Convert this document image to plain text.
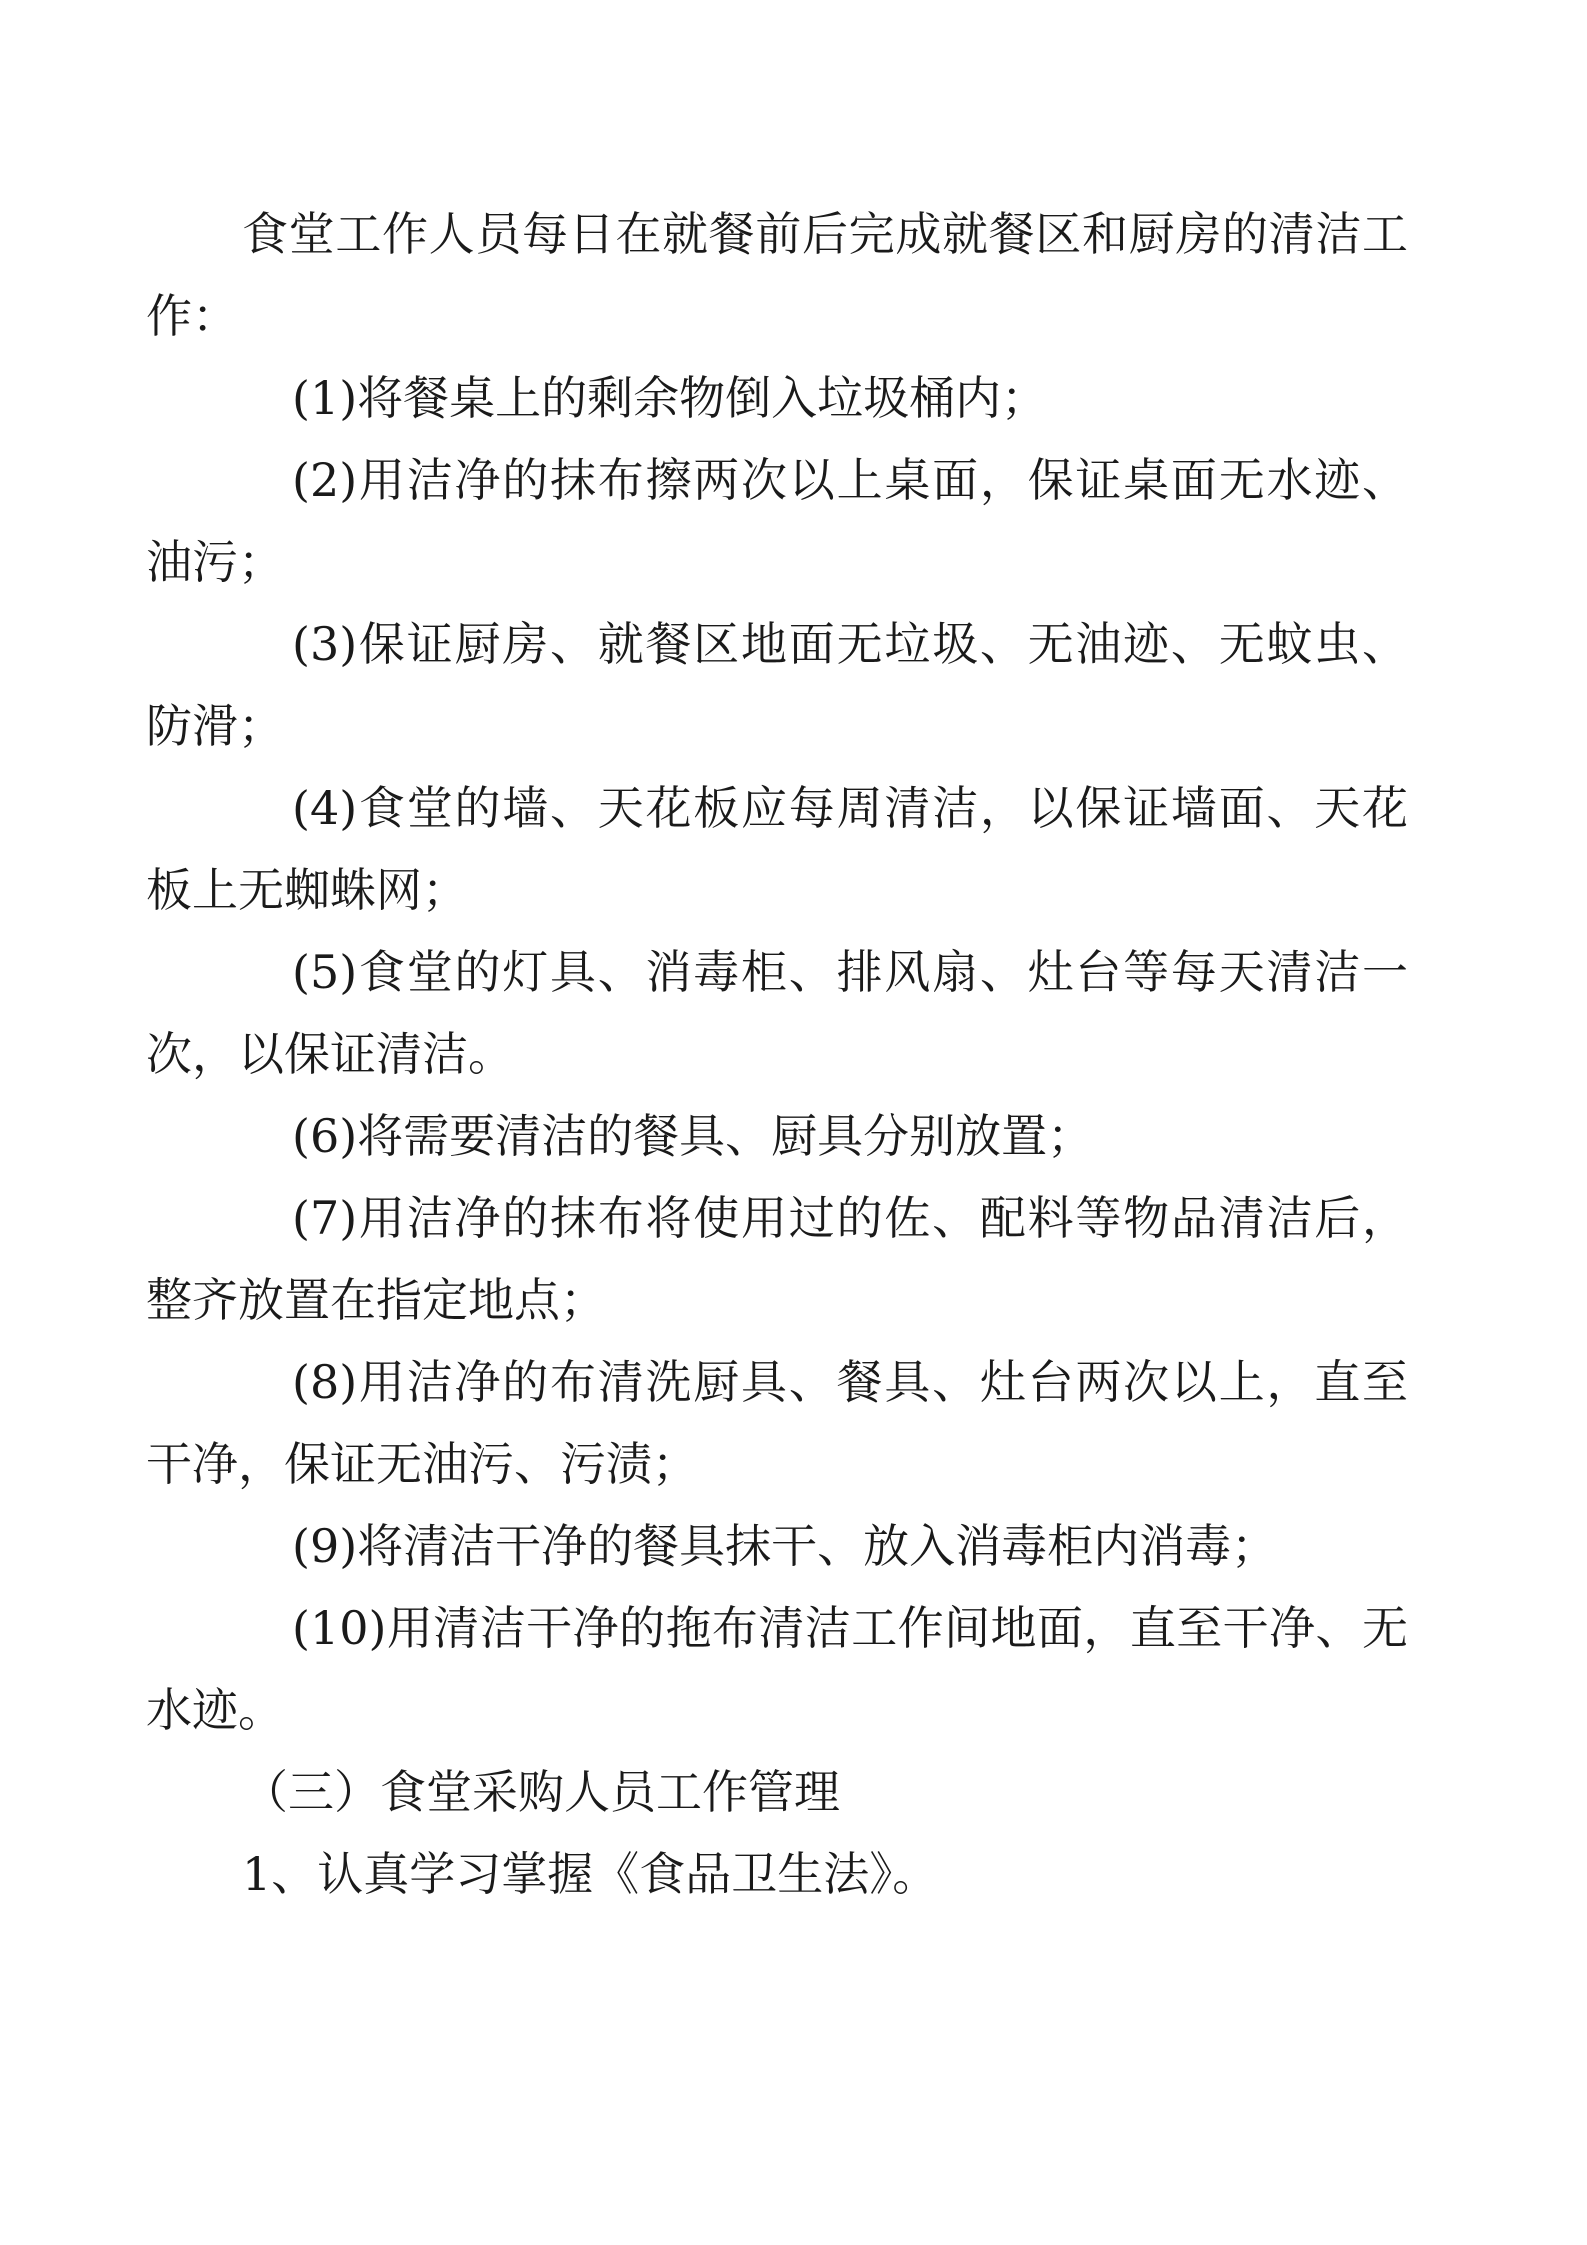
食堂工作人员每日在就餐前后完成就餐区和厨房的清洁工作：

(1)将餐桌上的剩余物倒入垃圾桶内；

(2)用洁净的抹布擦两次以上桌面，保证桌面无水迹、油污；

(3)保证厨房、就餐区地面无垃圾、无油迹、无蚊虫、防滑；

(4)食堂的墙、天花板应每周清洁，以保证墙面、天花板上无蜘蛛网；

(5)食堂的灯具、消毒柜、排风扇、灶台等每天清洁一次，以保证清洁。

(6)将需要清洁的餐具、厨具分别放置；

(7)用洁净的抹布将使用过的佐、配料等物品清洁后，整齐放置在指定地点；

(8)用洁净的布清洗厨具、餐具、灶台两次以上，直至干净，保证无油污、污渍；

(9)将清洁干净的餐具抹干、放入消毒柜内消毒；

(10)用清洁干净的拖布清洁工作间地面，直至干净、无水迹。

（三）食堂采购人员工作管理

1、认真学习掌握《食品卫生法》。
